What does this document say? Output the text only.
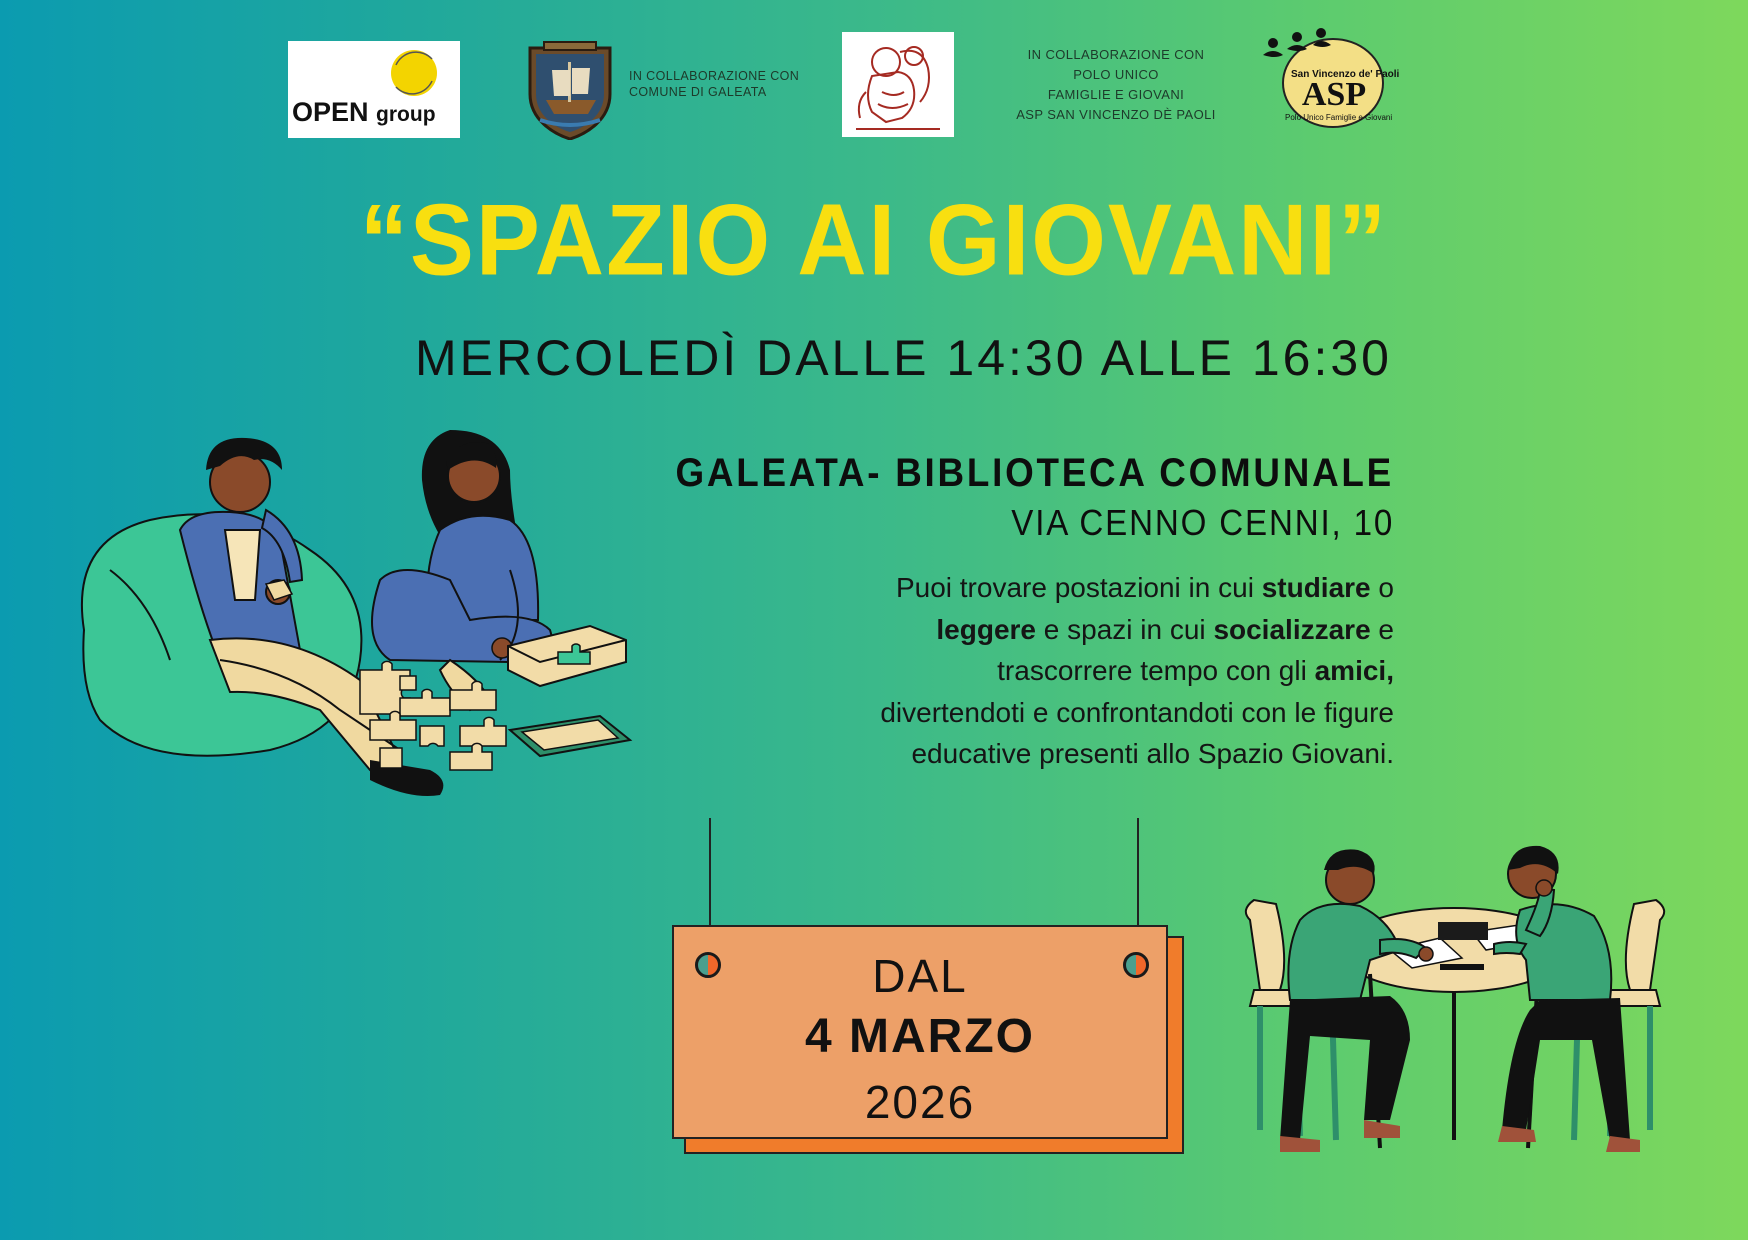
OPEN group
IN COLLABORAZIONE CON
COMUNE DI GALEATA
IN COLLABORAZIONE CON
POLO UNICO
FAMIGLIE E GIOVANI
ASP SAN VINCENZO DÈ PAOLI
San Vincenzo de' Paoli
ASP
Polo Unico Famiglie e Giovani
“SPAZIO AI GIOVANI”
MERCOLEDÌ DALLE 14:30 ALLE 16:30
GALEATA- BIBLIOTECA COMUNALE
VIA CENNO CENNI, 10
Puoi trovare postazioni in cui studiare o
leggere e spazi in cui socializzare e
trascorrere tempo con gli amici,
divertendoti e confrontandoti con le figure
educative presenti allo Spazio Giovani.
DAL
4 MARZO
2026
